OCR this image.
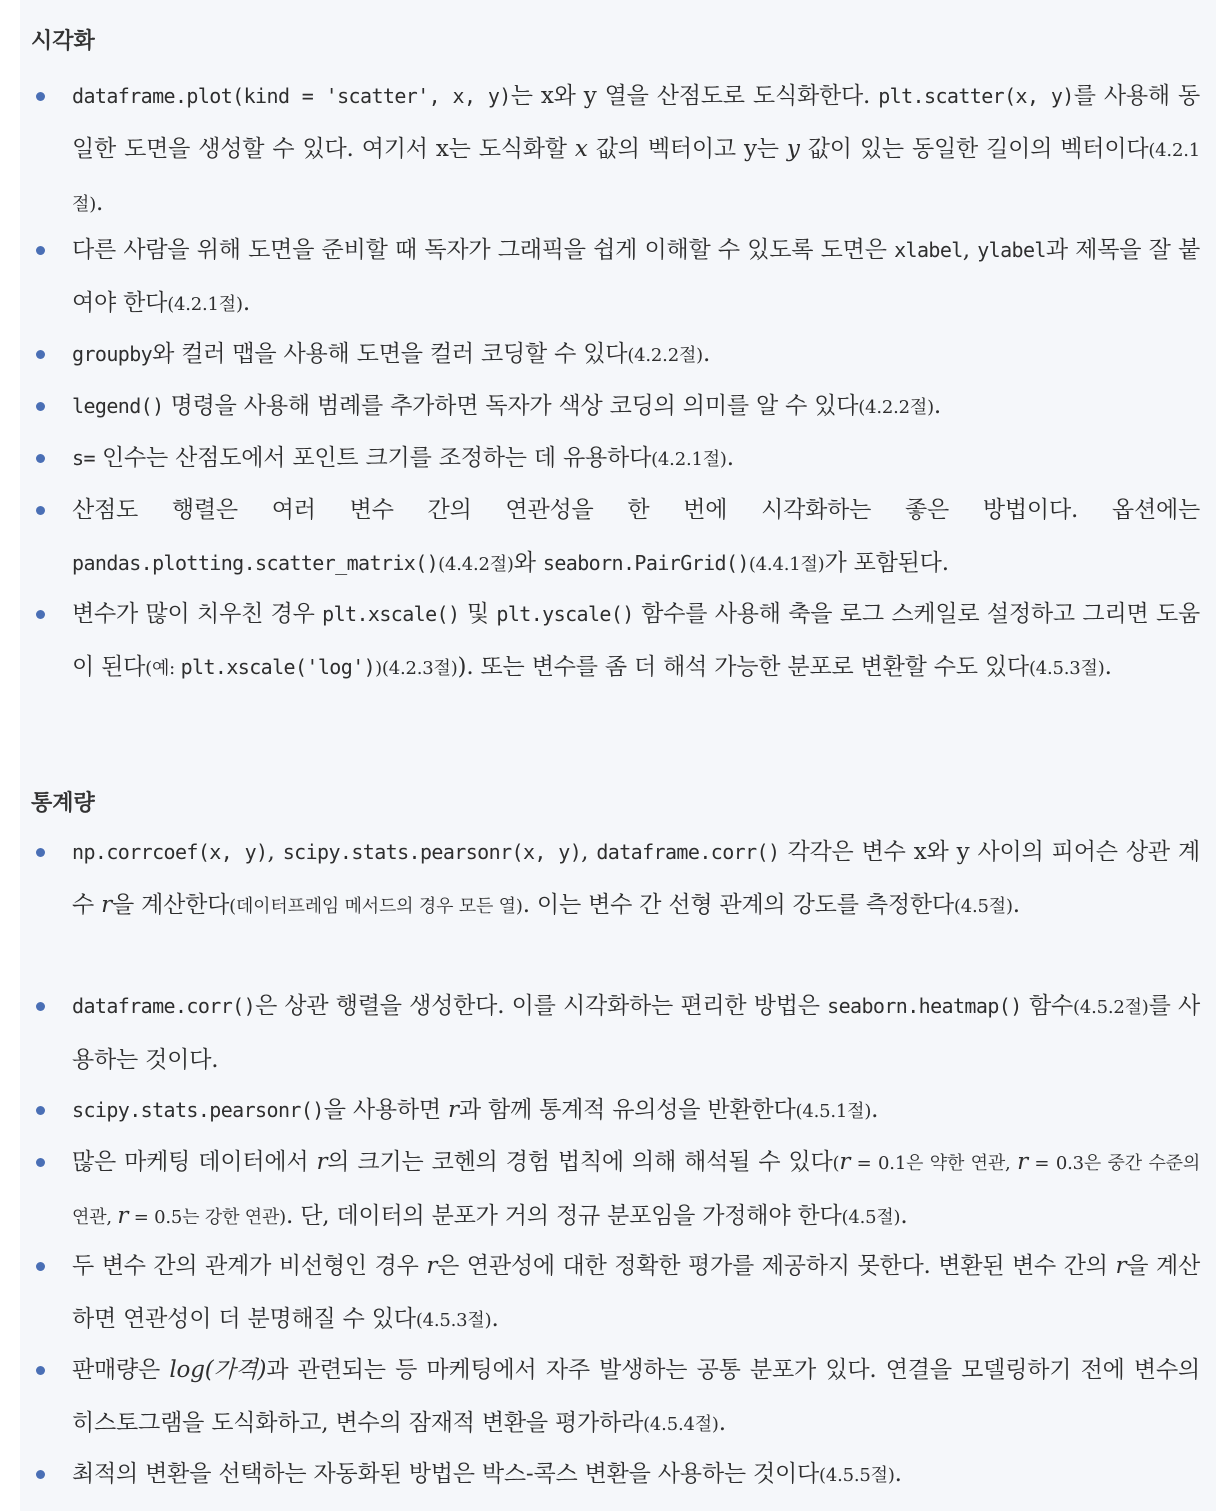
시각화
통계량
dataframe.plot(kind = 'scatter', x, y)는 x와 y 열을 산점도로 도식화한다. plt.scatter(x, y)를 사용해 동일한 도면을 생성할 수 있다. 여기서 x는 도식화할 x 값의 벡터이고 y는 y 값이 있는 동일한 길이의 벡터이다(4.2.1절).
다른 사람을 위해 도면을 준비할 때 독자가 그래픽을 쉽게 이해할 수 있도록 도면은 xlabel, ylabel과 제목을 잘 붙여야 한다(4.2.1절).
groupby와 컬러 맵을 사용해 도면을 컬러 코딩할 수 있다(4.2.2절).
legend() 명령을 사용해 범례를 추가하면 독자가 색상 코딩의 의미를 알 수 있다(4.2.2절).
s= 인수는 산점도에서 포인트 크기를 조정하는 데 유용하다(4.2.1절).
산점도 행렬은 여러 변수 간의 연관성을 한 번에 시각화하는 좋은 방법이다. 옵션에는 pandas.plotting.scatter_matrix()(4.4.2절)와 seaborn.PairGrid()(4.4.1절)가 포함된다.
변수가 많이 치우친 경우 plt.xscale() 및 plt.yscale() 함수를 사용해 축을 로그 스케일로 설정하고 그리면 도움이 된다(예: plt.xscale('log'))(4.2.3절)). 또는 변수를 좀 더 해석 가능한 분포로 변환할 수도 있다(4.5.3절).
np.corrcoef(x, y), scipy.stats.pearsonr(x, y), dataframe.corr() 각각은 변수 x와 y 사이의 피어슨 상관 계수 r을 계산한다(데이터프레임 메서드의 경우 모든 열). 이는 변수 간 선형 관계의 강도를 측정한다(4.5절).
dataframe.corr()은 상관 행렬을 생성한다. 이를 시각화하는 편리한 방법은 seaborn.heatmap() 함수(4.5.2절)를 사용하는 것이다.
scipy.stats.pearsonr()을 사용하면 r과 함께 통계적 유의성을 반환한다(4.5.1절).
많은 마케팅 데이터에서 r의 크기는 코헨의 경험 법칙에 의해 해석될 수 있다(r = 0.1은 약한 연관, r = 0.3은 중간 수준의 연관, r = 0.5는 강한 연관). 단, 데이터의 분포가 거의 정규 분포임을 가정해야 한다(4.5절).
두 변수 간의 관계가 비선형인 경우 r은 연관성에 대한 정확한 평가를 제공하지 못한다. 변환된 변수 간의 r을 계산하면 연관성이 더 분명해질 수 있다(4.5.3절).
판매량은 log(가격)과 관련되는 등 마케팅에서 자주 발생하는 공통 분포가 있다. 연결을 모델링하기 전에 변수의 히스토그램을 도식화하고, 변수의 잠재적 변환을 평가하라(4.5.4절).
최적의 변환을 선택하는 자동화된 방법은 박스-콕스 변환을 사용하는 것이다(4.5.5절).
